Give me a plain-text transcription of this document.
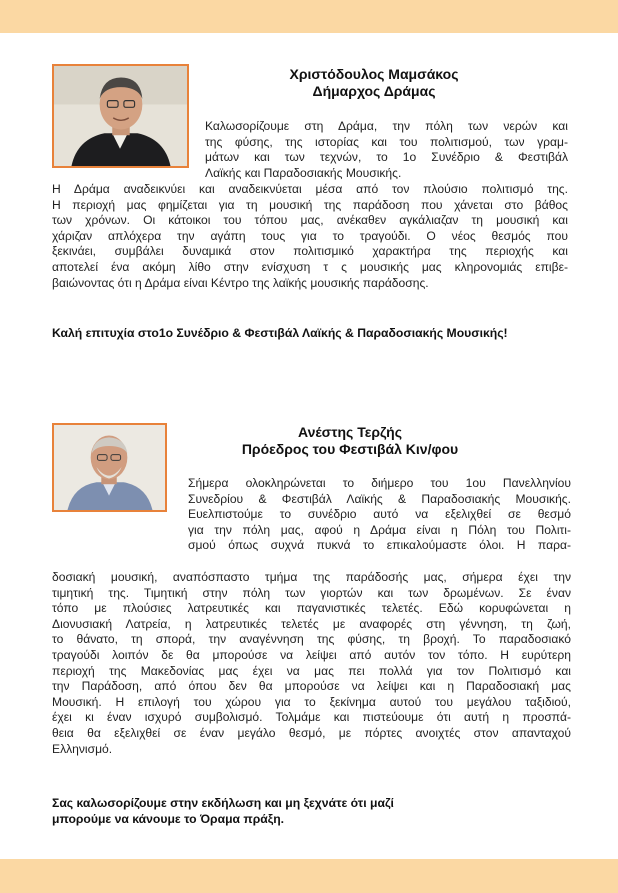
Χριστόδουλος Μαμσάκος
Δήμαρχος Δράμας

Καλωσορίζουμε στη Δράμα, την πόλη των νερών και
της φύσης, της ιστορίας και του πολιτισμού, των γραμ-
μάτων και των τεχνών, το 1ο Συνέδριο & Φεστιβάλ
Λαϊκής και Παραδοσιακής Μουσικής.

Η Δράμα αναδεικνύει και αναδεικνύεται μέσα από τον πλούσιο πολιτισμό της.
Η περιοχή μας φημίζεται για τη μουσική της παράδοση που χάνεται στο βάθος
των χρόνων. Οι κάτοικοι του τόπου μας, ανέκαθεν αγκάλιαζαν τη μουσική και
χάριζαν απλόχερα την αγάπη τους για το τραγούδι. Ο νέος θεσμός που
ξεκινάει, συμβάλει δυναμικά στον πολιτισμικό χαρακτήρα της περιοχής και
αποτελεί ένα ακόμη λίθο στην ενίσχυση τ ς μουσικής μας κληρονομιάς επιβε-
βαιώνοντας ότι η Δράμα είναι Κέντρο της λαϊκής μουσικής παράδοσης.

Καλή επιτυχία στο1ο Συνέδριο & Φεστιβάλ Λαϊκής & Παραδοσιακής Μουσικής!

Ανέστης Τερζής
Πρόεδρος του Φεστιβάλ Κιν/φου

Σήμερα ολοκληρώνεται το διήμερο του 1ου Πανελληνίου
Συνεδρίου & Φεστιβάλ Λαϊκής & Παραδοσιακής Μουσικής.
Ευελπιστούμε το συνέδριο αυτό να εξελιχθεί σε θεσμό
για την πόλη μας, αφού η Δράμα είναι η Πόλη του Πολιτι-
σμού όπως συχνά πυκνά το επικαλούμαστε όλοι. Η παρα-

δοσιακή μουσική, αναπόσπαστο τμήμα της παράδοσής μας, σήμερα έχει την
τιμητική της. Τιμητική στην πόλη των γιορτών και των δρωμένων. Σε έναν
τόπο με πλούσιες λατρευτικές και παγανιστικές τελετές. Εδώ κορυφώνεται η
Διονυσιακή Λατρεία, η λατρευτικές τελετές με αναφορές στη γέννηση, τη ζωή,
το θάνατο, τη σπορά, την αναγέννηση της φύσης, τη βροχή. Το παραδοσιακό
τραγούδι λοιπόν δε θα μπορούσε να λείψει από αυτόν τον τόπο. Η ευρύτερη
περιοχή της Μακεδονίας μας έχει να μας πει πολλά για τον Πολιτισμό και
την Παράδοση, από όπου δεν θα μπορούσε να λείψει και η Παραδοσιακή μας
Μουσική. Η επιλογή του χώρου για το ξεκίνημα αυτού του μεγάλου ταξιδιού,
έχει κι έναν ισχυρό συμβολισμό. Τολμάμε και πιστεύουμε ότι αυτή η προσπά-
θεια θα εξελιχθεί σε έναν μεγάλο θεσμό, με πόρτες ανοιχτές στον απανταχού
Ελληνισμό.

Σας καλωσορίζουμε στην εκδήλωση και μη ξεχνάτε ότι μαζί
μπορούμε να κάνουμε το Όραμα πράξη.
